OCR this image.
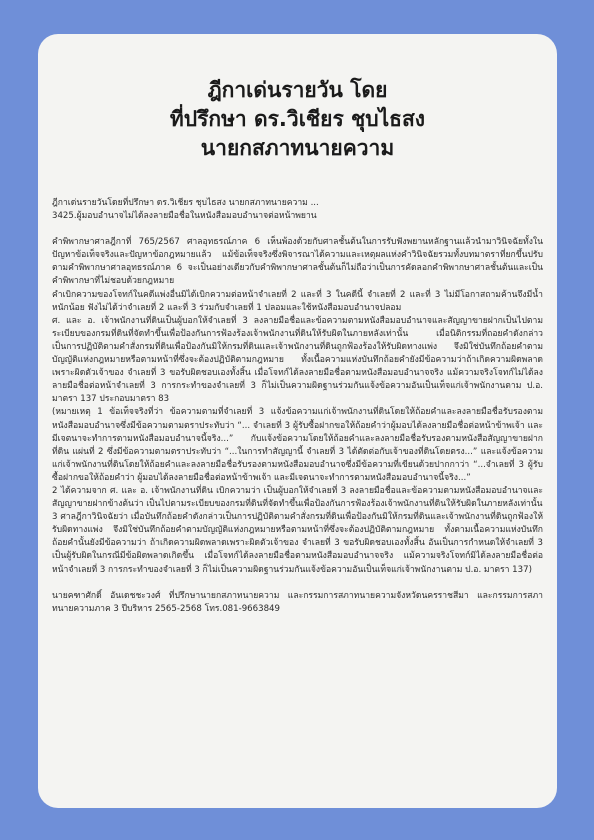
ฎีกาเด่นรายวัน โดย
ที่ปรึกษา ดร.วิเชียร ชุบไธสง
นายกสภาทนายความ

ฎีกาเด่นรายวันโดยที่ปรึกษา ดร.วิเชียร ชุบไธสง นายกสภาทนายความ ...

3425.ผู้มอบอำนาจไม่ได้ลงลายมือชื่อในหนังสือมอบอำนาจต่อหน้าพยาน

คำพิพากษาศาลฎีกาที่ 765/2567 ศาลอุทธรณ์ภาค 6 เห็นพ้องด้วยกับศาลชั้นต้นในการรับฟังพยานหลักฐานแล้วนำมาวินิจฉัยทั้งในปัญหาข้อเท็จจริงและปัญหาข้อกฎหมายแล้ว แม้ข้อเท็จจริงซึ่งพิจารณาได้ความและเหตุผลแห่งคำวินิจฉัยรวมทั้งบทมาตราที่ยกขึ้นปรับตามคำพิพากษาศาลอุทธรณ์ภาค 6 จะเป็นอย่างเดียวกับคำพิพากษาศาลชั้นต้นก็ไม่ถือว่าเป็นการคัดลอกคำพิพากษาศาลชั้นต้นและเป็นคำพิพากษาที่ไม่ชอบด้วยกฎหมาย

คำเบิกความของโจทก์ในคดีแพ่งอื่นมิได้เบิกความต่อหน้าจำเลยที่ 2 และที่ 3 ในคดีนี้ จำเลยที่ 2 และที่ 3 ไม่มีโอกาสถามค้านจึงมีน้ำหนักน้อย ฟังไม่ได้ว่าจำเลยที่ 2 และที่ 3 ร่วมกับจำเลยที่ 1 ปลอมและใช้หนังสือมอบอำนาจปลอม

ศ. และ อ. เจ้าพนักงานที่ดินเป็นผู้บอกให้จำเลยที่ 3 ลงลายมือชื่อและข้อความตามหนังสือมอบอำนาจและสัญญาขายฝากเป็นไปตามระเบียบของกรมที่ดินที่จัดทำขึ้นเพื่อป้องกันการฟ้องร้องเจ้าพนักงานที่ดินให้รับผิดในภายหลังเท่านั้น เมื่อนิติกรรมที่ถอยคำดังกล่าวเป็นการปฏิบัติตามคำสั่งกรมที่ดินเพื่อป้องกันมิให้กรมที่ดินและเจ้าพนักงานที่ดินถูกฟ้องร้องให้รับผิดทางแพ่ง จึงมิใช่บันทึกถ้อยคำตามบัญญัติแห่งกฎหมายหรือตามหน้าที่ซึ่งจะต้องปฏิบัติตามกฎหมาย ทั้งเนื้อความแห่งบันทึกถ้อยคำยังมีข้อความว่าถ้าเกิดความผิดพลาดเพราะผิดตัวเจ้าของ จำเลยที่ 3 ขอรับผิดชอบเองทั้งสิ้น เมื่อโจทก์ได้ลงลายมือชื่อตามหนังสือมอบอำนาจจริง แม้ความจริงโจทก์ไม่ได้ลงลายมือชื่อต่อหน้าจำเลยที่ 3 การกระทำของจำเลยที่ 3 ก็ไม่เป็นความผิดฐานร่วมกันแจ้งข้อความอันเป็นเท็จแก่เจ้าพนักงานตาม ป.อ. มาตรา 137 ประกอบมาตรา 83

(หมายเหตุ 1 ข้อเท็จจริงที่ว่า ข้อความตามที่จำเลยที่ 3 แจ้งข้อความแก่เจ้าพนักงานที่ดินโดยให้ถ้อยคำและลงลายมือชื่อรับรองตามหนังสือมอบอำนาจซึ่งมีข้อความตามตราประทับว่า “... จำเลยที่ 3 ผู้รับซื้อฝากขอให้ถ้อยคำว่าผู้มอบได้ลงลายมือชื่อต่อหน้าข้าพเจ้า และมีเจตนาจะทำการตามหนังสือมอบอำนาจนี้จริง...” กับแจ้งข้อความโดยให้ถ้อยคำและลงลายมือชื่อรับรองตามหนังสือสัญญาขายฝากที่ดิน แผ่นที่ 2 ซึ่งมีข้อความตามตราประทับว่า “...ในการทำสัญญานี้ จำเลยที่ 3 ได้ตัดต่อกับเจ้าของที่ดินโดยตรง...” และแจ้งข้อความแก่เจ้าพนักงานที่ดินโดยให้ถ้อยคำและลงลายมือชื่อรับรองตามหนังสือมอบอำนาจซึ่งมีข้อความที่เขียนด้วยปากกาว่า “...จำเลยที่ 3 ผู้รับซื้อฝากขอให้ถ้อยคำว่า ผู้มอบได้ลงลายมือชื่อต่อหน้าข้าพเจ้า และมีเจตนาจะทำการตามหนังสือมอบอำนาจนี้จริง...”

2 ได้ความจาก ศ. และ อ. เจ้าพนักงานที่ดิน เบิกความว่า เป็นผู้บอกให้จำเลยที่ 3 ลงลายมือชื่อและข้อความตามหนังสือมอบอำนาจและสัญญาขายฝากข้างต้นว่า เป็นไปตามระเบียบของกรมที่ดินที่จัดทำขึ้นเพื่อป้องกันการฟ้องร้องเจ้าพนักงานที่ดินให้รับผิดในภายหลังเท่านั้น

3 ศาลฎีกาวินิจฉัยว่า เมื่อบันทึกถ้อยคำดังกล่าวเป็นการปฏิบัติตามคำสั่งกรมที่ดินเพื่อป้องกันมิให้กรมที่ดินและเจ้าพนักงานที่ดินถูกฟ้องให้รับผิดทางแพ่ง จึงมิใช่บันทึกถ้อยคำตามบัญญัติแห่งกฎหมายหรือตามหน้าที่ซึ่งจะต้องปฏิบัติตามกฎหมาย ทั้งตามเนื้อความแห่งบันทึกถ้อยคำนั้นยังมีข้อความว่า ถ้าเกิดความผิดพลาดเพราะผิดตัวเจ้าของ จำเลยที่ 3 ขอรับผิดชอบเองทั้งสิ้น อันเป็นการกำหนดให้จำเลยที่ 3 เป็นผู้รับผิดในกรณีมีข้อผิดพลาดเกิดขึ้น เมื่อโจทก์ได้ลงลายมือชื่อตามหนังสือมอบอำนาจจริง แม้ความจริงโจทก์มิได้ลงลายมือชื่อต่อหน้าจำเลยที่ 3 การกระทำของจำเลยที่ 3 ก็ไม่เป็นความผิดฐานร่วมกันแจ้งข้อความอันเป็นเท็จแก่เจ้าพนักงานตาม ป.อ. มาตรา 137)

นายคฑาศักดิ์ อันเดชชะวงศ์ ที่ปรึกษานายกสภาทนายความ และกรรมการสภาทนายความจังหวัดนครราชสีมา และกรรมการสภาทนายความภาค 3 ปีบริหาร 2565-2568 โทร.081-9663849
